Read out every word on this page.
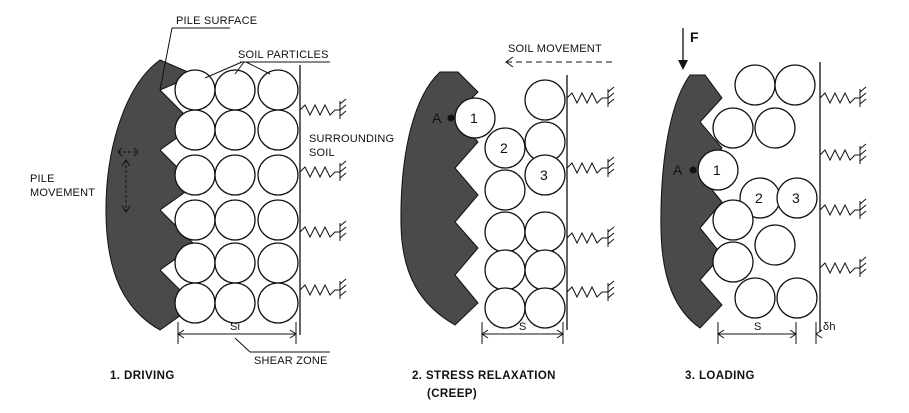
PILE SURFACE
SOIL PARTICLES
SURROUNDING
SOIL
PILE
MOVEMENT
Si
SHEAR ZONE
1. DRIVING
1
2
3
A
SOIL MOVEMENT
S
2. STRESS RELAXATION
(CREEP)
F
1
2 3
A
S	δh
3. LOADING
